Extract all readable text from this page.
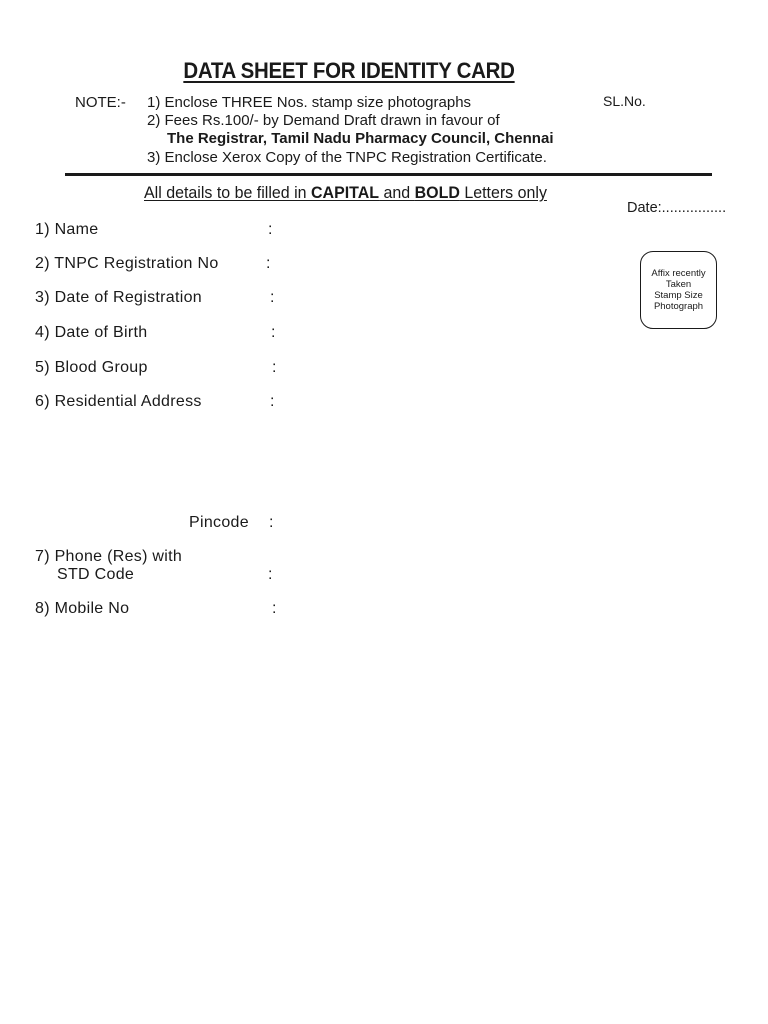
DATA SHEET FOR IDENTITY CARD
NOTE:- 1) Enclose THREE Nos. stamp size photographs
2) Fees Rs.100/- by Demand Draft drawn in favour of
The Registrar, Tamil Nadu Pharmacy Council, Chennai
3) Enclose Xerox Copy of the TNPC Registration Certificate.
SL.No.
All details to be filled in CAPITAL and BOLD Letters only
Date:................
Affix recently
Taken
Stamp Size
Photograph
1) Name	:
2) TNPC Registration No	:
3) Date of Registration	:
4) Date of Birth	:
5) Blood Group	:
6) Residential Address	:
Pincode :
7) Phone (Res) with
STD Code	:
8) Mobile No	:
